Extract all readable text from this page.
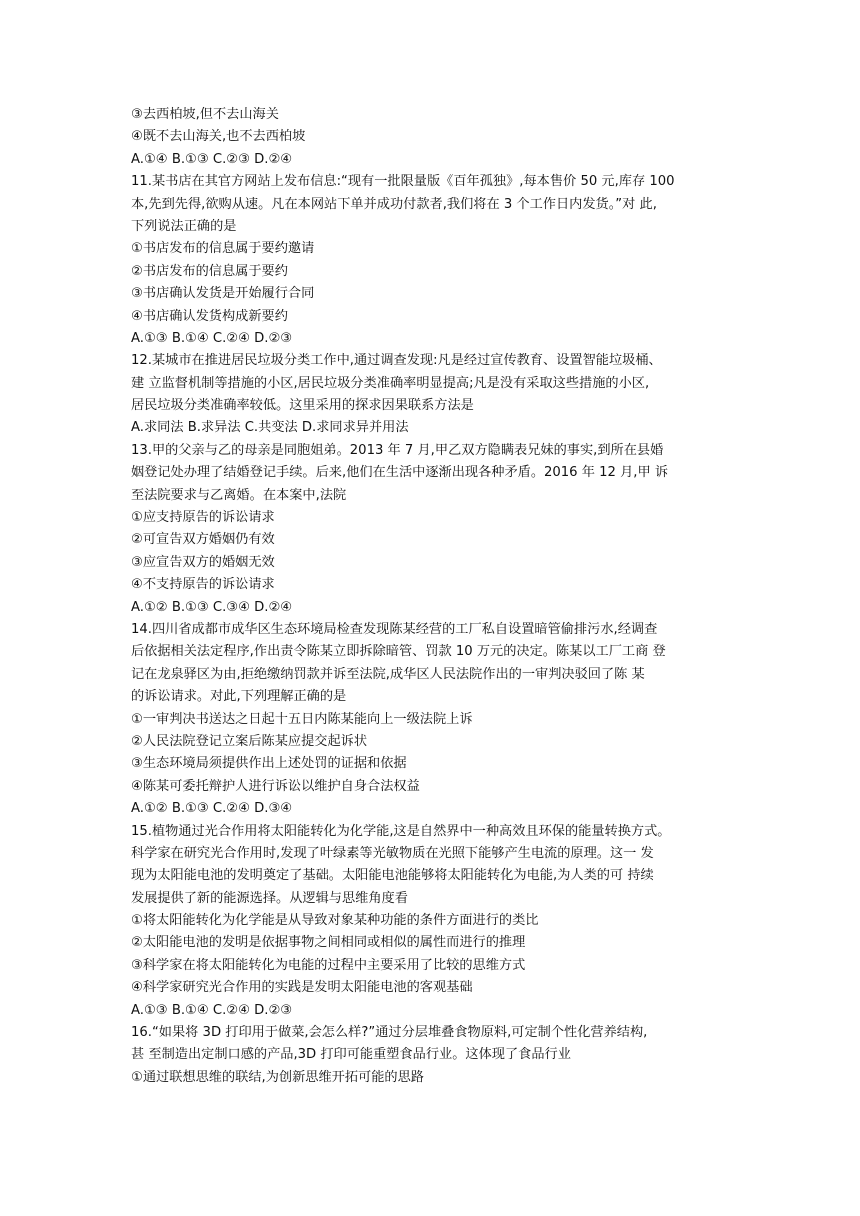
③去西柏坡,但不去山海关
④既不去山海关,也不去西柏坡
A.①④ B.①③ C.②③ D.②④
11.某书店在其官方网站上发布信息:“现有一批限量版《百年孤独》,每本售价 50 元,库存 100
本,先到先得,欲购从速。凡在本网站下单并成功付款者,我们将在 3 个工作日内发货。”对 此,
下列说法正确的是
①书店发布的信息属于要约邀请
②书店发布的信息属于要约
③书店确认发货是开始履行合同
④书店确认发货构成新要约
A.①③ B.①④ C.②④ D.②③
12.某城市在推进居民垃圾分类工作中,通过调查发现:凡是经过宣传教育、设置智能垃圾桶、
建 立监督机制等措施的小区,居民垃圾分类准确率明显提高;凡是没有采取这些措施的小区,
居民垃圾分类准确率较低。这里采用的探求因果联系方法是
A.求同法 B.求异法 C.共变法 D.求同求异并用法
13.甲的父亲与乙的母亲是同胞姐弟。2013 年 7 月,甲乙双方隐瞒表兄妹的事实,到所在县婚
姻登记处办理了结婚登记手续。后来,他们在生活中逐渐出现各种矛盾。2016 年 12 月,甲 诉
至法院要求与乙离婚。在本案中,法院
①应支持原告的诉讼请求
②可宣告双方婚姻仍有效
③应宣告双方的婚姻无效
④不支持原告的诉讼请求
A.①② B.①③ C.③④ D.②④
14.四川省成都市成华区生态环境局检查发现陈某经营的工厂私自设置暗管偷排污水,经调查
后依据相关法定程序,作出责令陈某立即拆除暗管、罚款 10 万元的决定。陈某以工厂工商 登
记在龙泉驿区为由,拒绝缴纳罚款并诉至法院,成华区人民法院作出的一审判决驳回了陈 某
的诉讼请求。对此,下列理解正确的是
①一审判决书送达之日起十五日内陈某能向上一级法院上诉
②人民法院登记立案后陈某应提交起诉状
③生态环境局须提供作出上述处罚的证据和依据
④陈某可委托辩护人进行诉讼以维护自身合法权益
A.①② B.①③ C.②④ D.③④
15.植物通过光合作用将太阳能转化为化学能,这是自然界中一种高效且环保的能量转换方式。
科学家在研究光合作用时,发现了叶绿素等光敏物质在光照下能够产生电流的原理。这一 发
现为太阳能电池的发明奠定了基础。太阳能电池能够将太阳能转化为电能,为人类的可 持续
发展提供了新的能源选择。从逻辑与思维角度看
①将太阳能转化为化学能是从导致对象某种功能的条件方面进行的类比
②太阳能电池的发明是依据事物之间相同或相似的属性而进行的推理
③科学家在将太阳能转化为电能的过程中主要采用了比较的思维方式
④科学家研究光合作用的实践是发明太阳能电池的客观基础
A.①③ B.①④ C.②④ D.②③
16.“如果将 3D 打印用于做菜,会怎么样?”通过分层堆叠食物原料,可定制个性化营养结构,
甚 至制造出定制口感的产品,3D 打印可能重塑食品行业。这体现了食品行业
①通过联想思维的联结,为创新思维开拓可能的思路
